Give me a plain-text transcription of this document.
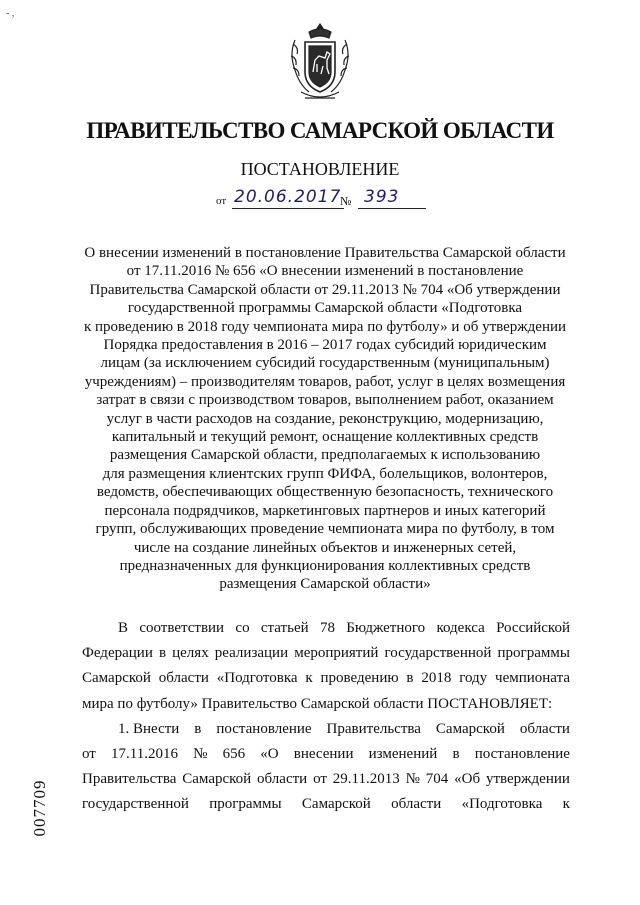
- ,
ПРАВИТЕЛЬСТВО САМАРСКОЙ ОБЛАСТИ
ПОСТАНОВЛЕНИЕ
от 20.06.2017
№ 393
О внесении изменений в постановление Правительства Самарской области
от 17.11.2016 № 656 «О внесении изменений в постановление
Правительства Самарской области от 29.11.2013 № 704 «Об утверждении
государственной программы Самарской области «Подготовка
к проведению в 2018 году чемпионата мира по футболу» и об утверждении
Порядка предоставления в 2016 – 2017 годах субсидий юридическим
лицам (за исключением субсидий государственным (муниципальным)
учреждениям) – производителям товаров, работ, услуг в целях возмещения
затрат в связи с производством товаров, выполнением работ, оказанием
услуг в части расходов на создание, реконструкцию, модернизацию,
капитальный и текущий ремонт, оснащение коллективных средств
размещения Самарской области, предполагаемых к использованию
для размещения клиентских групп ФИФА, болельщиков, волонтеров,
ведомств, обеспечивающих общественную безопасность, технического
персонала подрядчиков, маркетинговых партнеров и иных категорий
групп, обслуживающих проведение чемпионата мира по футболу, в том
числе на создание линейных объектов и инженерных сетей,
предназначенных для функционирования коллективных средств
размещения Самарской области»
В соответствии со статьей 78 Бюджетного кодекса Российской
Федерации в целях реализации мероприятий государственной программы
Самарской области «Подготовка к проведению в 2018 году чемпионата
мира по футболу» Правительство Самарской области ПОСТАНОВЛЯЕТ:
1. Внести в постановление Правительства Самарской области
от 17.11.2016 № 656 «О внесении изменений в постановление
Правительства Самарской области от 29.11.2013 № 704 «Об утверждении
государственной программы Самарской области «Подготовка к
007709
